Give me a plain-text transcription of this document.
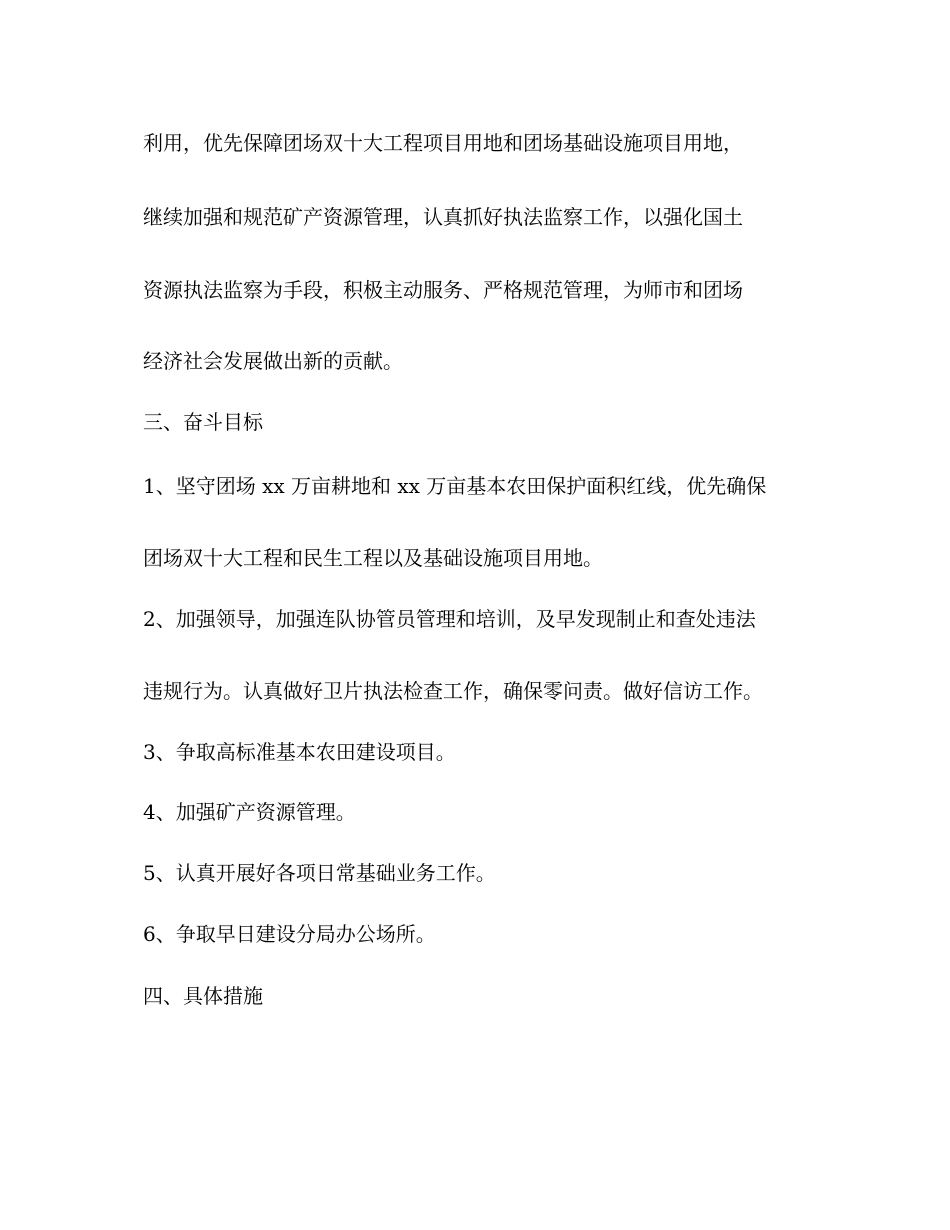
利用，优先保障团场双十大工程项目用地和团场基础设施项目用地，

继续加强和规范矿产资源管理，认真抓好执法监察工作，以强化国土

资源执法监察为手段，积极主动服务、严格规范管理，为师市和团场

经济社会发展做出新的贡献。

三、奋斗目标

1、坚守团场 xx 万亩耕地和 xx 万亩基本农田保护面积红线，优先确保

团场双十大工程和民生工程以及基础设施项目用地。

2、加强领导，加强连队协管员管理和培训，及早发现制止和查处违法

违规行为。认真做好卫片执法检查工作，确保零问责。做好信访工作。

3、争取高标准基本农田建设项目。

4、加强矿产资源管理。

5、认真开展好各项日常基础业务工作。

6、争取早日建设分局办公场所。

四、具体措施
